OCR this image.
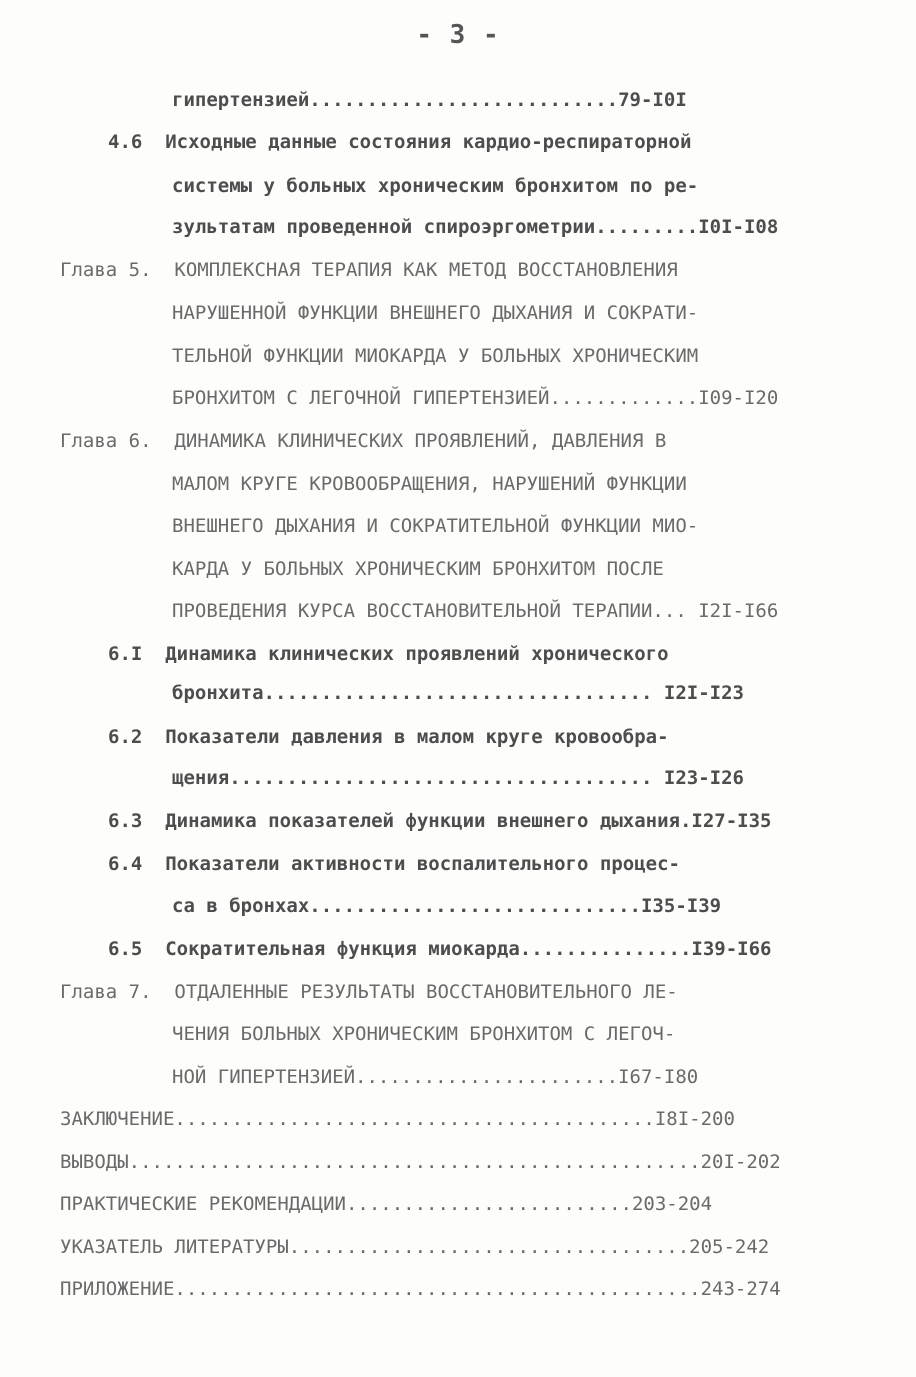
- 3 -
гипертензией...........................79-I0I
4.6  Исходные данные состояния кардио-респираторной
системы у больных хроническим бронхитом по ре-
зультатам проведенной спироэргометрии.........I0I-I08
Глава 5.  КОМПЛЕКСНАЯ ТЕРАПИЯ КАК МЕТОД ВОССТАНОВЛЕНИЯ
НАРУШЕННОЙ ФУНКЦИИ ВНЕШНЕГО ДЫХАНИЯ И СОКРАТИ-
ТЕЛЬНОЙ ФУНКЦИИ МИОКАРДА У БОЛЬНЫХ ХРОНИЧЕСКИМ
БРОНХИТОМ С ЛЕГОЧНОЙ ГИПЕРТЕНЗИЕЙ.............I09-I20
Глава 6.  ДИНАМИКА КЛИНИЧЕСКИХ ПРОЯВЛЕНИЙ, ДАВЛЕНИЯ В
МАЛОМ КРУГЕ КРОВООБРАЩЕНИЯ, НАРУШЕНИЙ ФУНКЦИИ
ВНЕШНЕГО ДЫХАНИЯ И СОКРАТИТЕЛЬНОЙ ФУНКЦИИ МИО-
КАРДА У БОЛЬНЫХ ХРОНИЧЕСКИМ БРОНХИТОМ ПОСЛЕ
ПРОВЕДЕНИЯ КУРСА ВОССТАНОВИТЕЛЬНОЙ ТЕРАПИИ... I2I-I66
6.I  Динамика клинических проявлений хронического
бронхита.................................. I2I-I23
6.2  Показатели давления в малом круге кровообра-
щения..................................... I23-I26
6.3  Динамика показателей функции внешнего дыхания.I27-I35
6.4  Показатели активности воспалительного процес-
са в бронхах.............................I35-I39
6.5  Сократительная функция миокарда...............I39-I66
Глава 7.  ОТДАЛЕННЫЕ РЕЗУЛЬТАТЫ ВОССТАНОВИТЕЛЬНОГО ЛЕ-
ЧЕНИЯ БОЛЬНЫХ ХРОНИЧЕСКИМ БРОНХИТОМ С ЛЕГОЧ-
НОЙ ГИПЕРТЕНЗИЕЙ.......................I67-I80
ЗАКЛЮЧЕНИЕ..........................................I8I-200
ВЫВОДЫ..................................................20I-202
ПРАКТИЧЕСКИЕ РЕКОМЕНДАЦИИ.........................203-204
УКАЗАТЕЛЬ ЛИТЕРАТУРЫ...................................205-242
ПРИЛОЖЕНИЕ..............................................243-274
